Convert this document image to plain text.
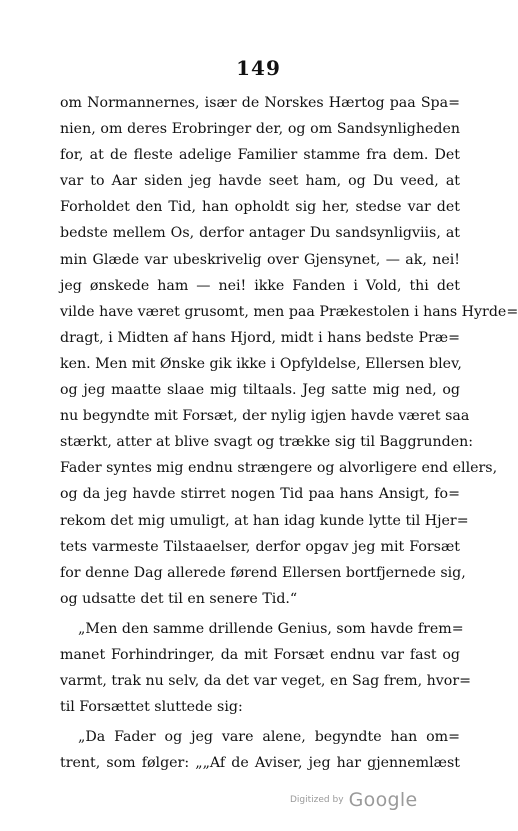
149
om Normannernes, især de Norskes Hærtog paa Spa=
nien, om deres Erobringer der, og om Sandsynligheden
for, at de fleste adelige Familier stamme fra dem. Det
var to Aar siden jeg havde seet ham, og Du veed, at
Forholdet den Tid, han opholdt sig her, stedse var det
bedste mellem Os, derfor antager Du sandsynligviis, at
min Glæde var ubeskrivelig over Gjensynet, — ak, nei!
jeg ønskede ham — nei! ikke Fanden i Vold, thi det
vilde have været grusomt, men paa Prækestolen i hans Hyrde=
dragt, i Midten af hans Hjord, midt i hans bedste Præ=
ken. Men mit Ønske gik ikke i Opfyldelse, Ellersen blev,
og jeg maatte slaae mig tiltaals. Jeg satte mig ned, og
nu begyndte mit Forsæt, der nylig igjen havde været saa
stærkt, atter at blive svagt og trække sig til Baggrunden:
Fader syntes mig endnu strængere og alvorligere end ellers,
og da jeg havde stirret nogen Tid paa hans Ansigt, fo=
rekom det mig umuligt, at han idag kunde lytte til Hjer=
tets varmeste Tilstaaelser, derfor opgav jeg mit Forsæt
for denne Dag allerede førend Ellersen bortfjernede sig,
og udsatte det til en senere Tid.“
„Men den samme drillende Genius, som havde frem=
manet Forhindringer, da mit Forsæt endnu var fast og
varmt, trak nu selv, da det var veget, en Sag frem, hvor=
til Forsættet sluttede sig:
„Da Fader og jeg vare alene, begyndte han om=
trent, som følger: „„Af de Aviser, jeg har gjennemlæst
Digitized by Google
